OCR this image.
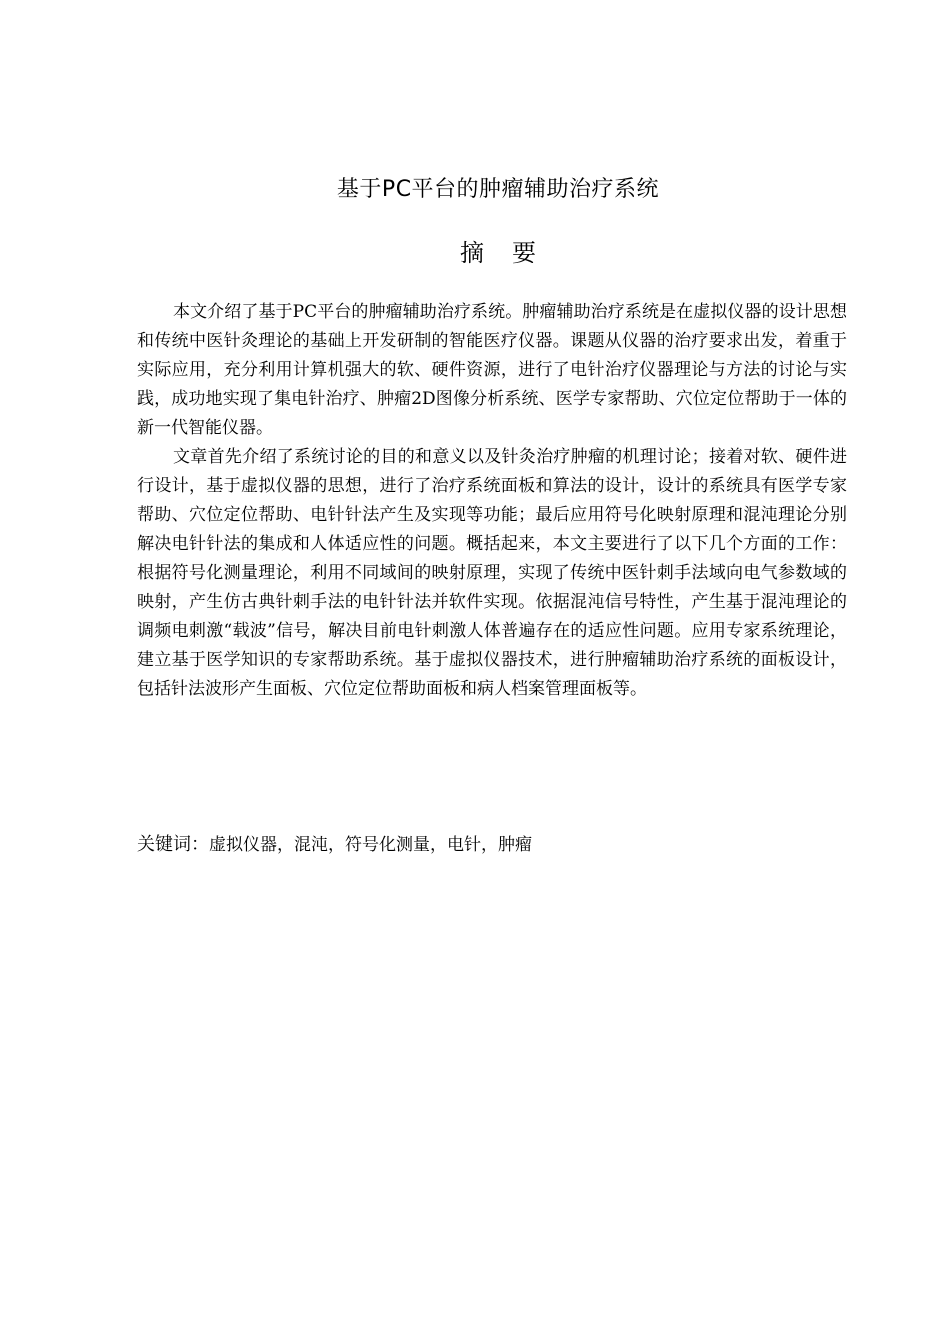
基于PC平台的肿瘤辅助治疗系统
摘要

本文介绍了基于PC平台的肿瘤辅助治疗系统。肿瘤辅助治疗系统是在虚拟仪器的设计思想和传统中医针灸理论的基础上开发研制的智能医疗仪器。课题从仪器的治疗要求出发，着重于实际应用，充分利用计算机强大的软、硬件资源，进行了电针治疗仪器理论与方法的讨论与实践，成功地实现了集电针治疗、肿瘤2D图像分析系统、医学专家帮助、穴位定位帮助于一体的新一代智能仪器。

文章首先介绍了系统讨论的目的和意义以及针灸治疗肿瘤的机理讨论；接着对软、硬件进行设计，基于虚拟仪器的思想，进行了治疗系统面板和算法的设计，设计的系统具有医学专家帮助、穴位定位帮助、电针针法产生及实现等功能；最后应用符号化映射原理和混沌理论分别解决电针针法的集成和人体适应性的问题。概括起来，本文主要进行了以下几个方面的工作：根据符号化测量理论，利用不同域间的映射原理，实现了传统中医针刺手法域向电气参数域的映射，产生仿古典针刺手法的电针针法并软件实现。依据混沌信号特性，产生基于混沌理论的调频电刺激“载波”信号，解决目前电针刺激人体普遍存在的适应性问题。应用专家系统理论，建立基于医学知识的专家帮助系统。基于虚拟仪器技术，进行肿瘤辅助治疗系统的面板设计，包括针法波形产生面板、穴位定位帮助面板和病人档案管理面板等。

关键词：虚拟仪器，混沌，符号化测量，电针，肿瘤
